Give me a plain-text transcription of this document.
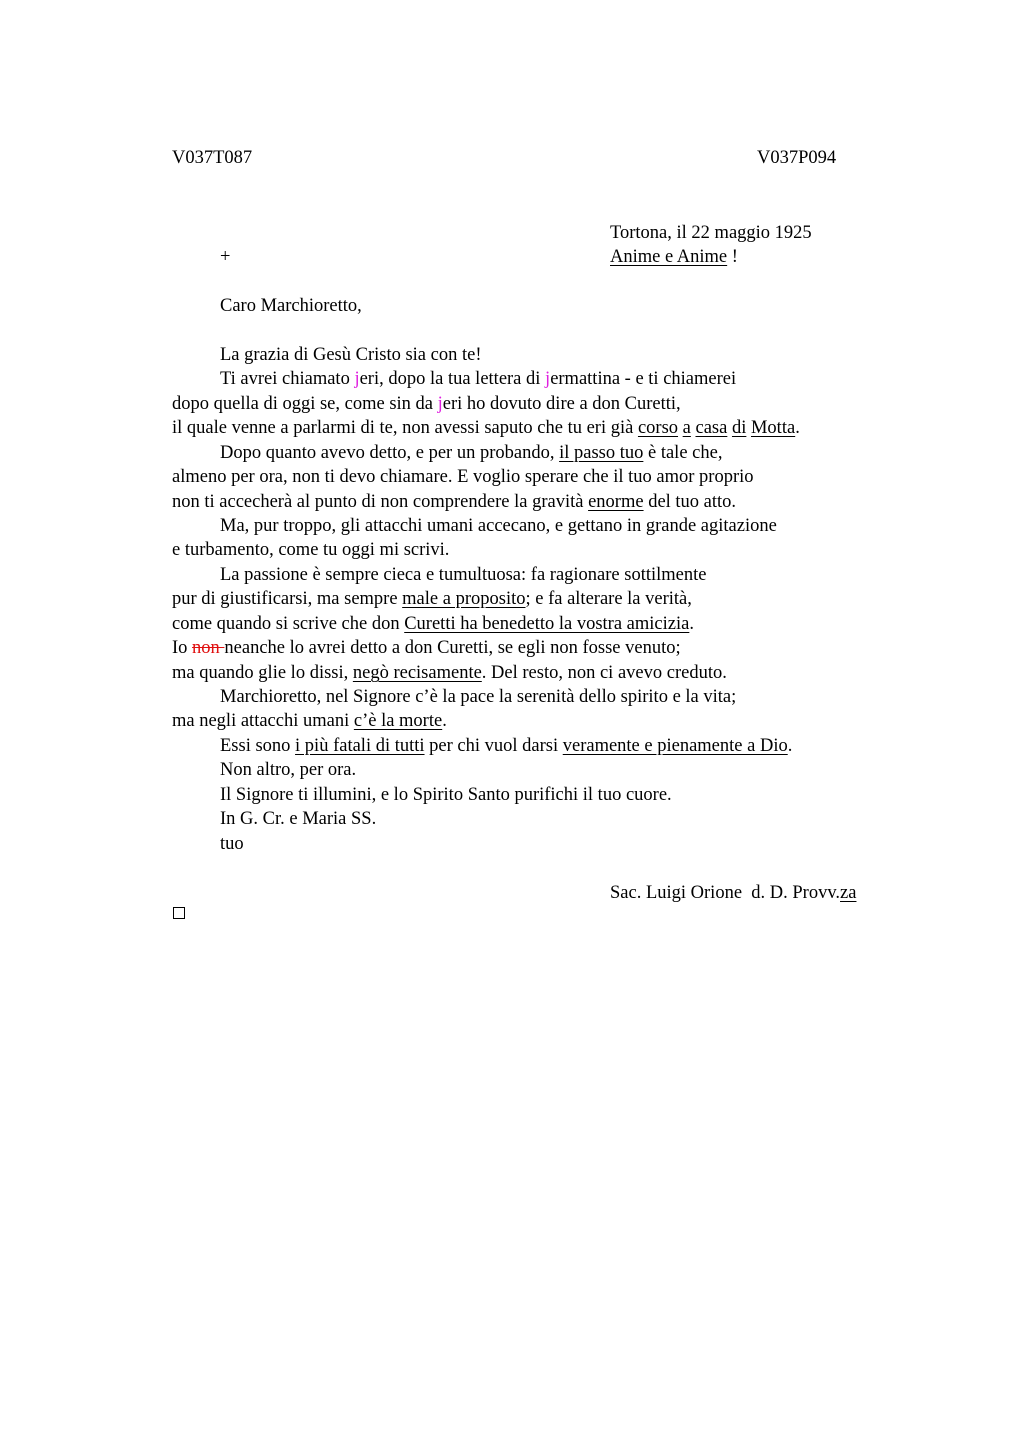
V037T087	V037P094
Tortona, il 22 maggio 1925
Anime e Anime !
+
Caro Marchioretto,
La grazia di Gesù Cristo sia con te!
Ti avrei chiamato jeri, dopo la tua lettera di jermattina - e ti chiamerei
dopo quella di oggi se, come sin da jeri ho dovuto dire a don Curetti,
il quale venne a parlarmi di te, non avessi saputo che tu eri già corso a casa di Motta.
Dopo quanto avevo detto, e per un probando, il passo tuo è tale che,
almeno per ora, non ti devo chiamare. E voglio sperare che il tuo amor proprio
non ti accecherà al punto di non comprendere la gravità enorme del tuo atto.
Ma, pur troppo, gli attacchi umani accecano, e gettano in grande agitazione
e turbamento, come tu oggi mi scrivi.
La passione è sempre cieca e tumultuosa: fa ragionare sottilmente
pur di giustificarsi, ma sempre male a proposito; e fa alterare la verità,
come quando si scrive che don Curetti ha benedetto la vostra amicizia.
Io non neanche lo avrei detto a don Curetti, se egli non fosse venuto;
ma quando glie lo dissi, negò recisamente. Del resto, non ci avevo creduto.
Marchioretto, nel Signore c’è la pace la serenità dello spirito e la vita;
ma negli attacchi umani c’è la morte.
Essi sono i più fatali di tutti per chi vuol darsi veramente e pienamente a Dio.
Non altro, per ora.
Il Signore ti illumini, e lo Spirito Santo purifichi il tuo cuore.
In G. Cr. e Maria SS.
tuo
Sac. Luigi Orione  d. D. Provv.za
